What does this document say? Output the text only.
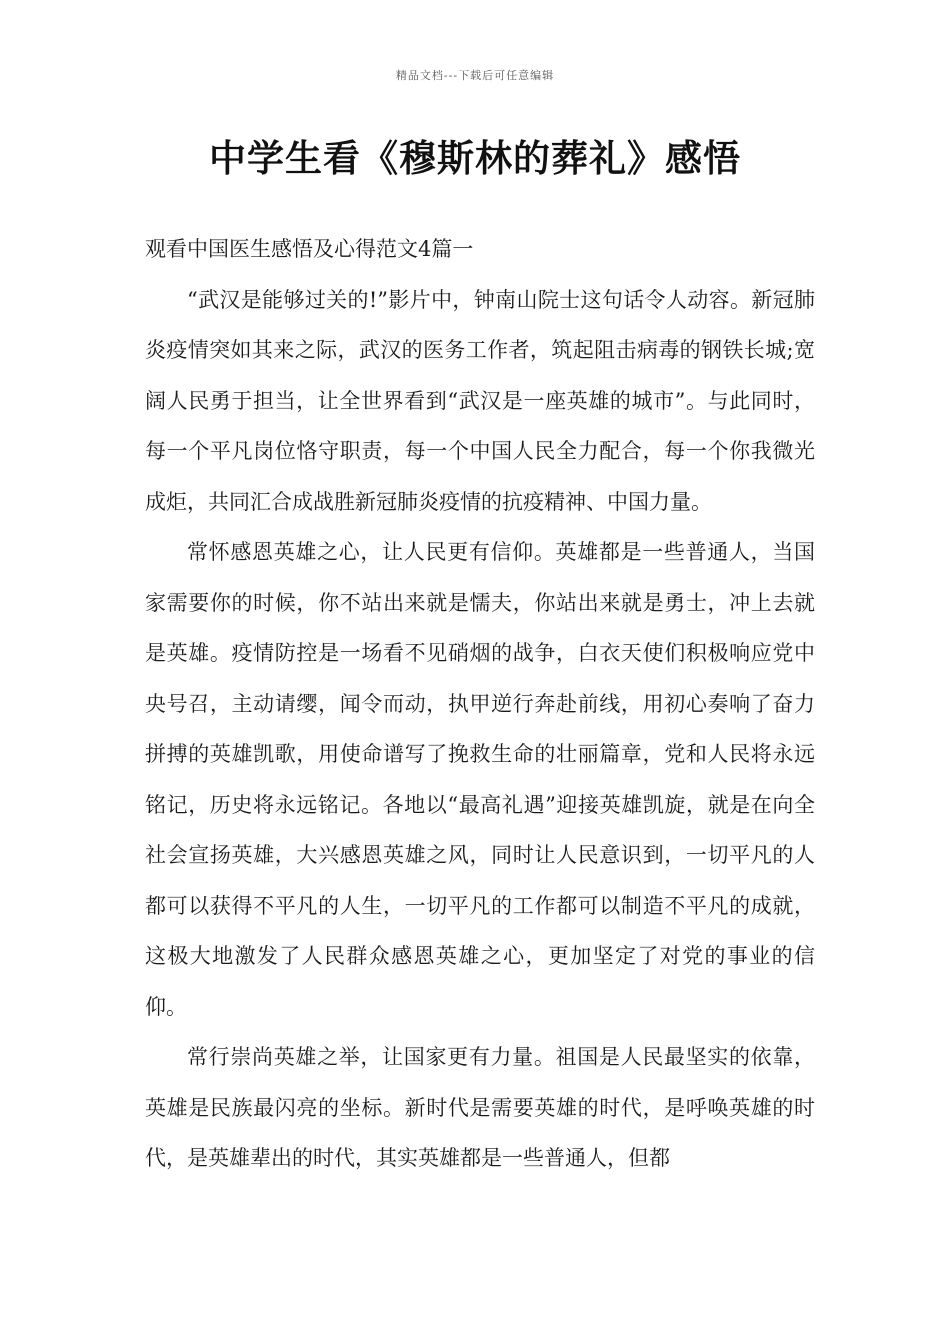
精品文档---下载后可任意编辑
中学生看《穆斯林的葬礼》感悟
观看中国医生感悟及心得范文4篇一

“武汉是能够过关的!”影片中，钟南山院士这句话令人动容。新冠肺炎疫情突如其来之际，武汉的医务工作者，筑起阻击病毒的钢铁长城;宽阔人民勇于担当，让全世界看到“武汉是一座英雄的城市”。与此同时，每一个平凡岗位恪守职责，每一个中国人民全力配合，每一个你我微光成炬，共同汇合成战胜新冠肺炎疫情的抗疫精神、中国力量。

常怀感恩英雄之心，让人民更有信仰。英雄都是一些普通人，当国家需要你的时候，你不站出来就是懦夫，你站出来就是勇士，冲上去就是英雄。疫情防控是一场看不见硝烟的战争，白衣天使们积极响应党中央号召，主动请缨，闻令而动，执甲逆行奔赴前线，用初心奏响了奋力拼搏的英雄凯歌，用使命谱写了挽救生命的壮丽篇章，党和人民将永远铭记，历史将永远铭记。各地以“最高礼遇”迎接英雄凯旋，就是在向全社会宣扬英雄，大兴感恩英雄之风，同时让人民意识到，一切平凡的人都可以获得不平凡的人生，一切平凡的工作都可以制造不平凡的成就，这极大地激发了人民群众感恩英雄之心，更加坚定了对党的事业的信仰。

常行崇尚英雄之举，让国家更有力量。祖国是人民最坚实的依靠，英雄是民族最闪亮的坐标。新时代是需要英雄的时代，是呼唤英雄的时代，是英雄辈出的时代，其实英雄都是一些普通人，但都
